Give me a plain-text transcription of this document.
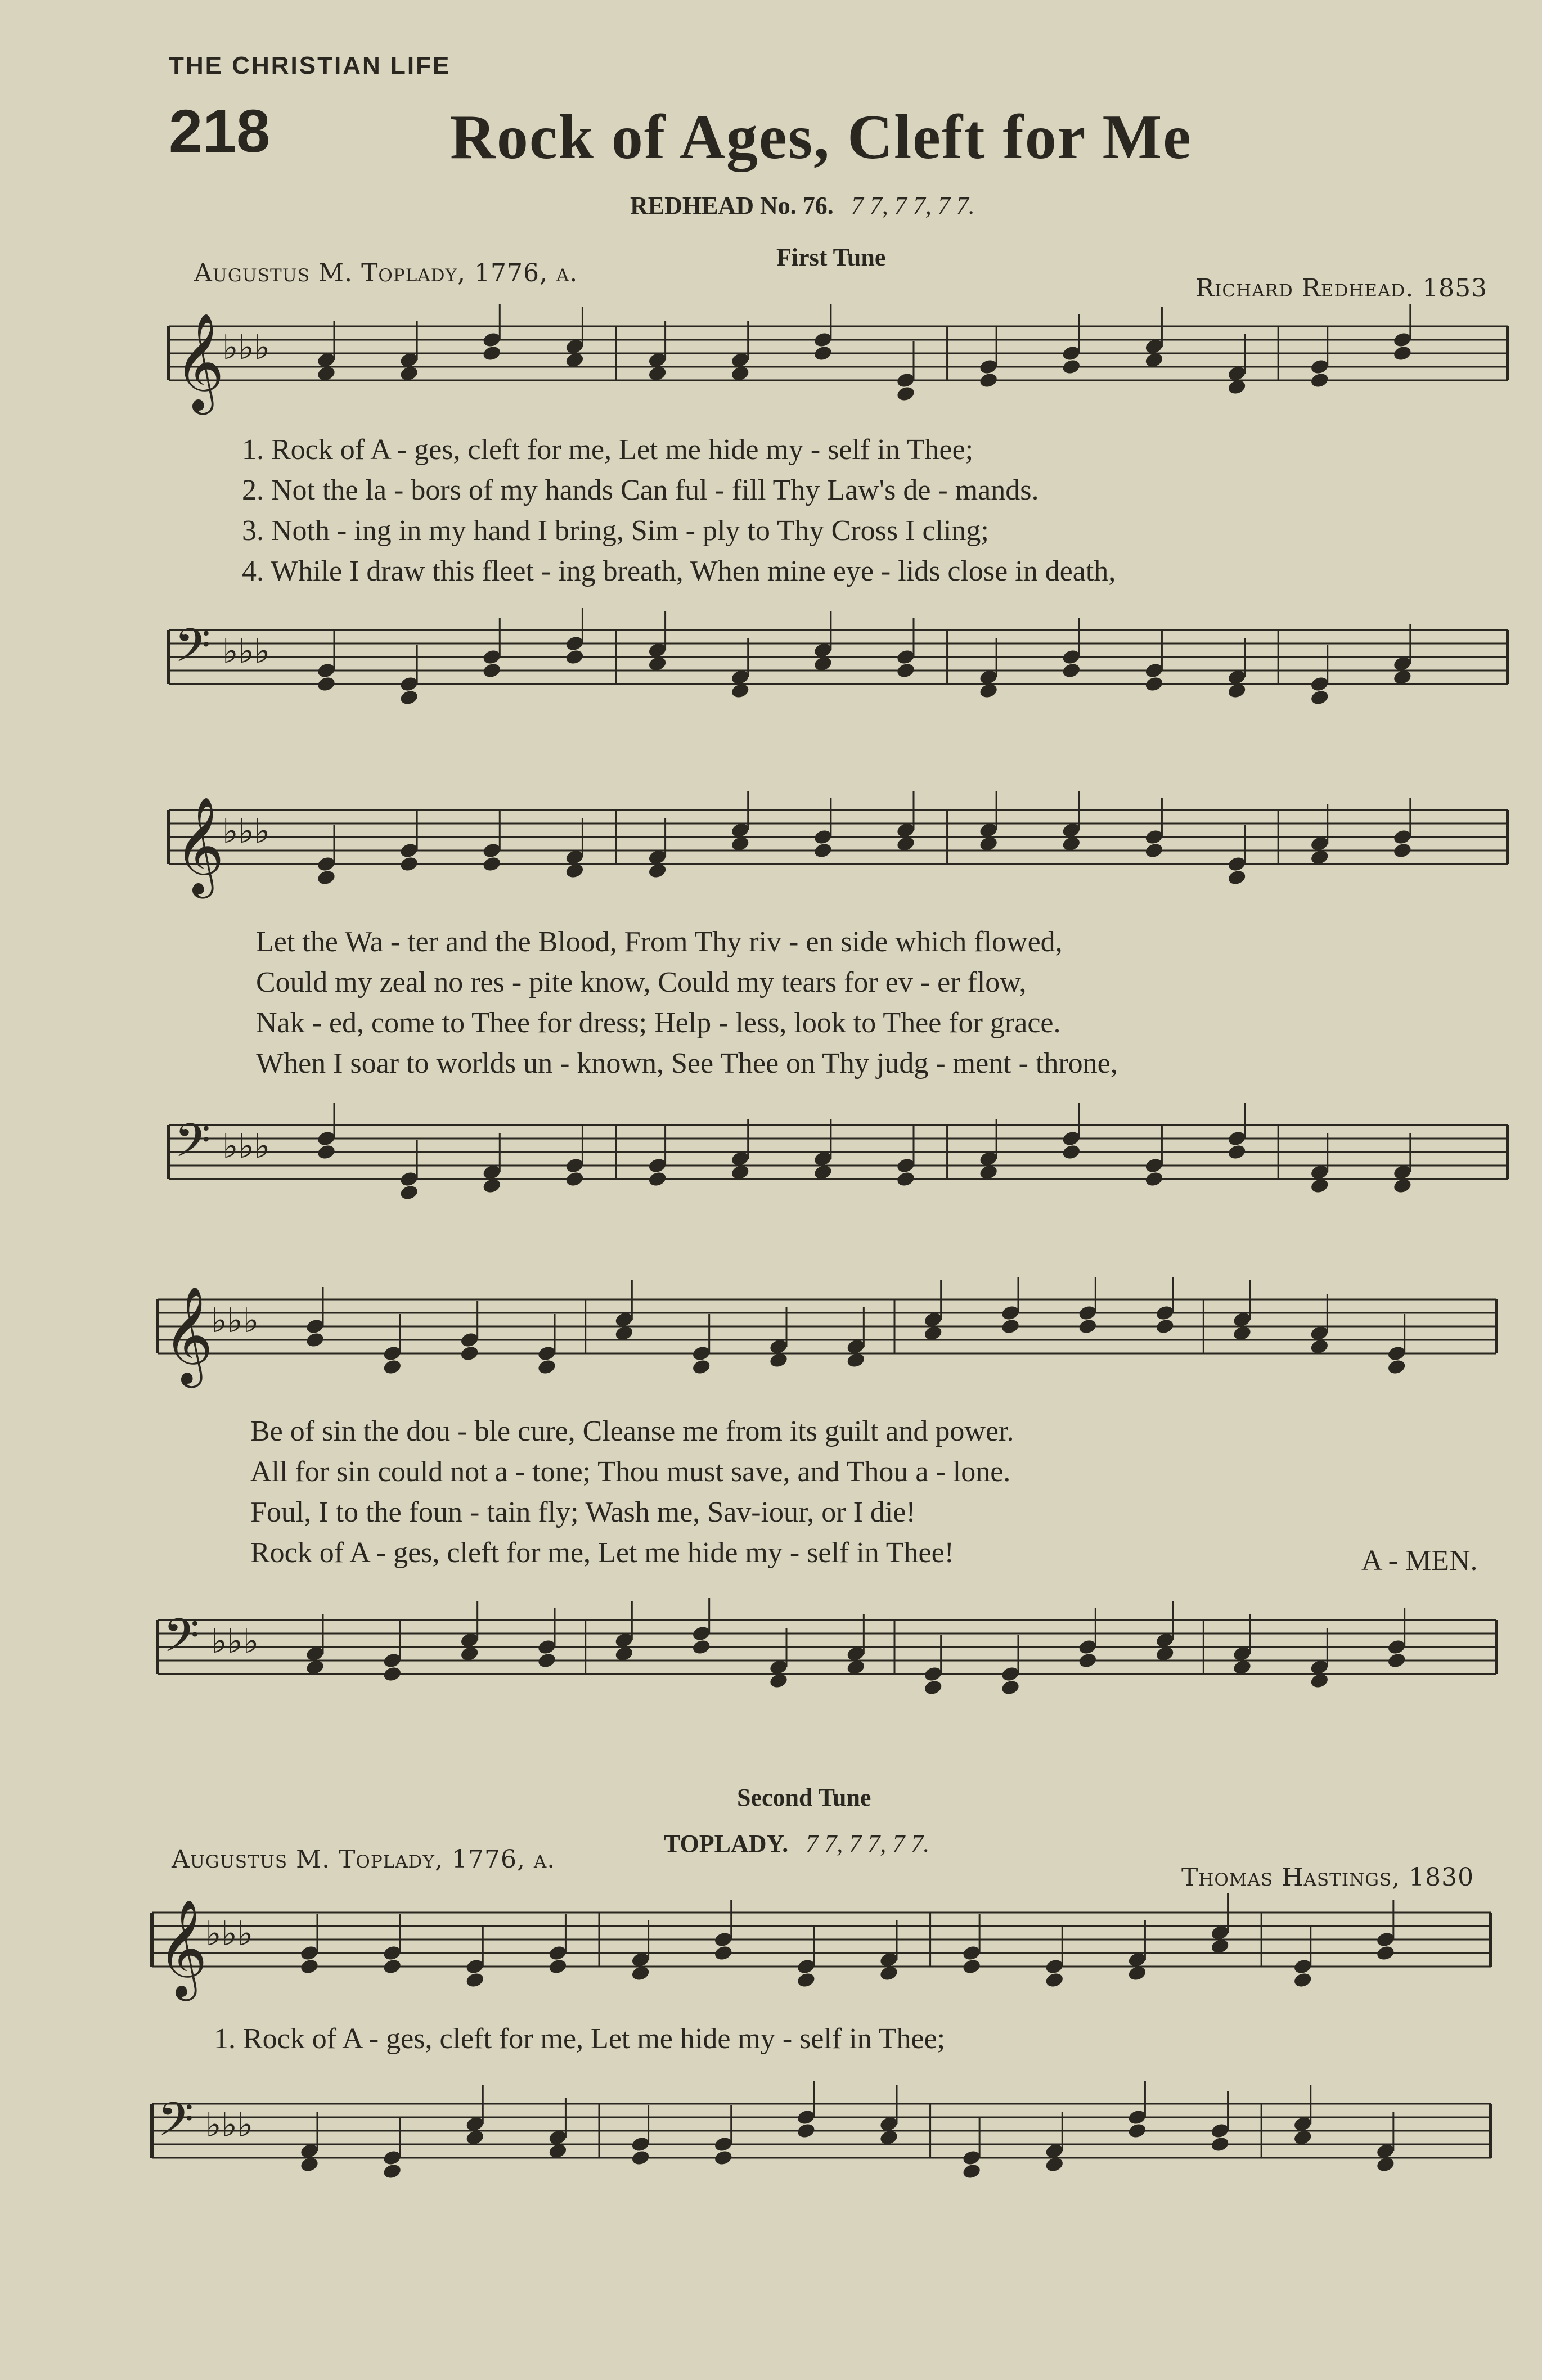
THE CHRISTIAN LIFE
218	Rock of Ages, Cleft for Me
REDHEAD No. 76. 7 7, 7 7, 7 7.
First Tune
Augustus M. Toplady, 1776, a.
Richard Redhead. 1853
𝄞
♭♭♭
𝄢 ♭♭♭
𝄞
♭♭♭
𝄢 ♭♭♭
𝄞
♭♭♭
𝄢 ♭♭♭
𝄞
♭♭♭
𝄢 ♭♭♭
1. Rock of A - ges, cleft for me, Let me hide my - self in Thee;
2. Not the la - bors of my hands Can ful - fill Thy Law's de - mands.
3. Noth - ing in my hand I bring, Sim - ply to Thy Cross I cling;
4. While I draw this fleet - ing breath, When mine eye - lids close in death,
Let the Wa - ter and the Blood, From Thy riv - en side which flowed,
Could my zeal no res - pite know, Could my tears for ev - er flow,
Nak - ed, come to Thee for dress; Help - less, look to Thee for grace.
When I soar to worlds un - known, See Thee on Thy judg - ment - throne,
Be of sin the dou - ble cure, Cleanse me from its guilt and power.
All for sin could not a - tone; Thou must save, and Thou a - lone.
Foul, I to the foun - tain fly; Wash me, Sav-iour, or I die!
Rock of A - ges, cleft for me, Let me hide my - self in Thee!	A - MEN.
Second Tune
TOPLADY. 7 7, 7 7, 7 7.
Augustus M. Toplady, 1776, a.
Thomas Hastings, 1830
1. Rock of A - ges, cleft for me, Let me hide my - self in Thee;
